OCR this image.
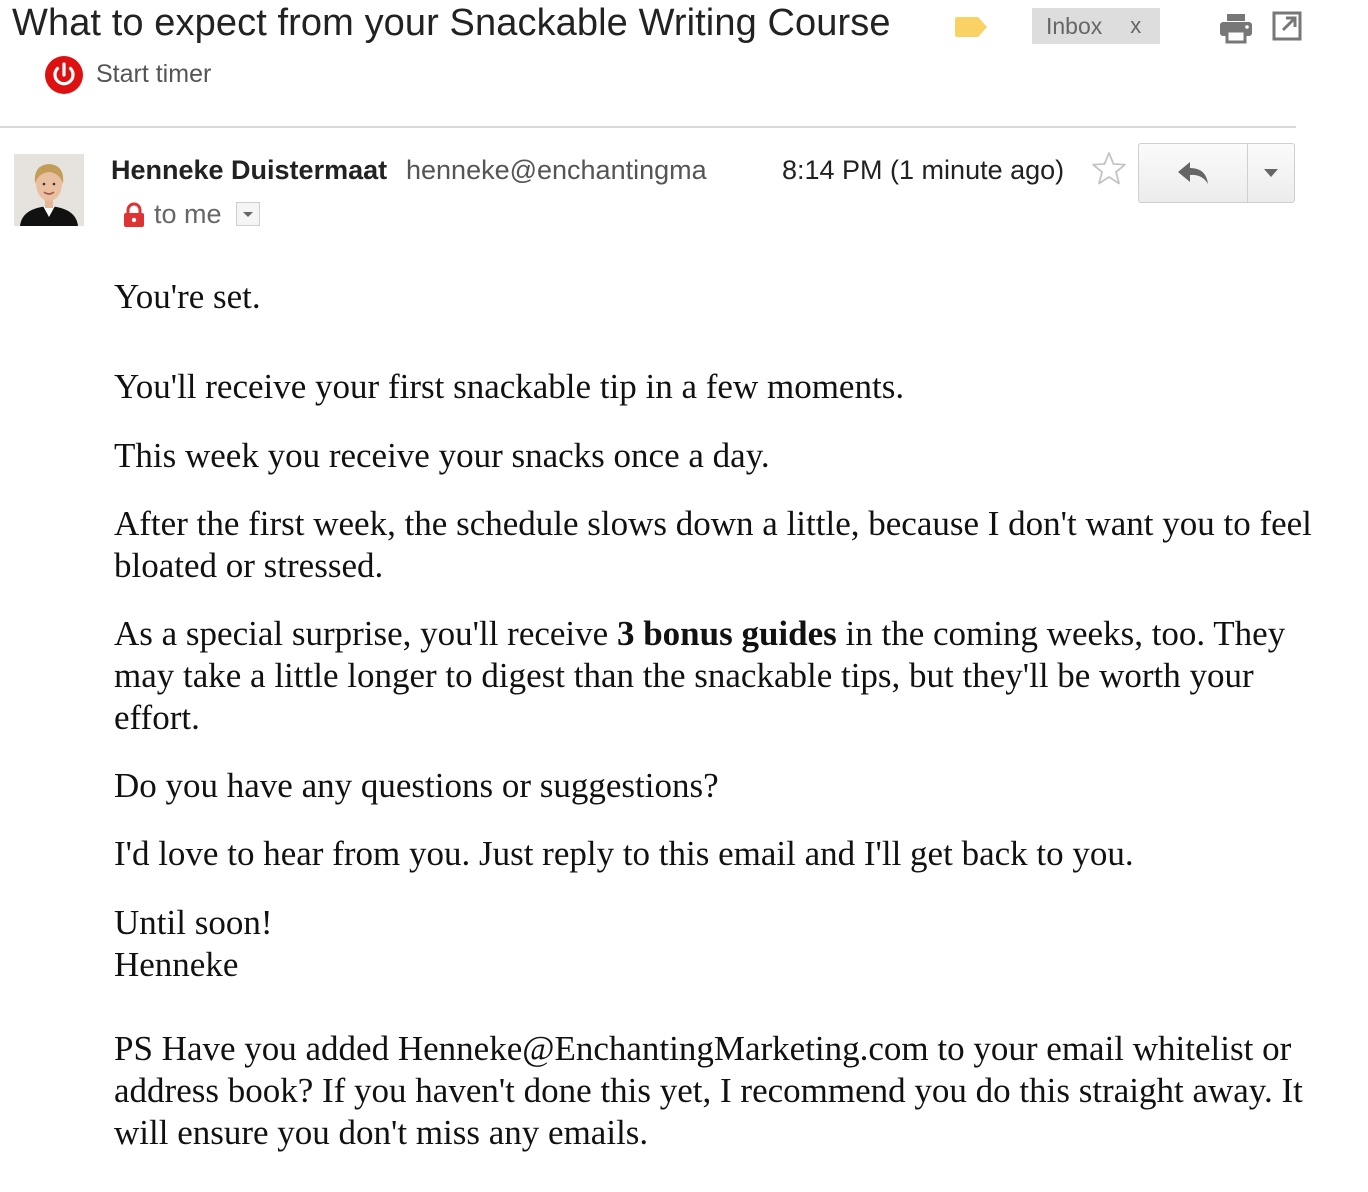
What to expect from your Snackable Writing Course	Inbox x
Start timer
Henneke Duistermaat henneke@enchantingma
to me
8:14 PM (1 minute ago)

You're set.

You'll receive your first snackable tip in a few moments.

This week you receive your snacks once a day.

After the first week, the schedule slows down a little, because I don't want you to feel bloated or stressed.

As a special surprise, you'll receive 3 bonus guides in the coming weeks, too. They may take a little longer to digest than the snackable tips, but they'll be worth your effort.

Do you have any questions or suggestions?

I'd love to hear from you. Just reply to this email and I'll get back to you.

Until soon!

Henneke

PS Have you added Henneke@EnchantingMarketing.com to your email whitelist or address book? If you haven't done this yet, I recommend you do this straight away. It will ensure you don't miss any emails.
